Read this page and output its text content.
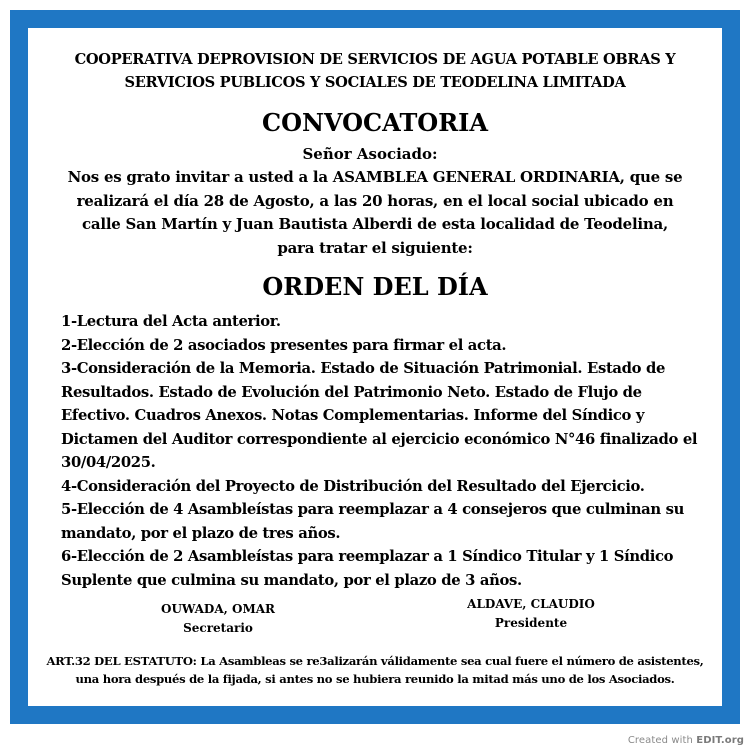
COOPERATIVA DEPROVISION DE SERVICIOS DE AGUA POTABLE OBRAS Y
SERVICIOS PUBLICOS Y SOCIALES DE TEODELINA LIMITADA
CONVOCATORIA
Señor Asociado:
Nos es grato invitar a usted a la ASAMBLEA GENERAL ORDINARIA, que se
realizará el día 28 de Agosto, a las 20 horas, en el local social ubicado en
calle San Martín y Juan Bautista Alberdi de esta localidad de Teodelina,
para tratar el siguiente:
ORDEN DEL DÍA

1-Lectura del Acta anterior.

2-Elección de 2 asociados presentes para firmar el acta.

3-Consideración de la Memoria. Estado de Situación Patrimonial. Estado de Resultados. Estado de Evolución del Patrimonio Neto. Estado de Flujo de Efectivo. Cuadros Anexos. Notas Complementarias. Informe del Síndico y Dictamen del Auditor correspondiente al ejercicio económico N°46 finalizado el 30/04/2025.

4-Consideración del Proyecto de Distribución del Resultado del Ejercicio.

5-Elección de 4 Asambleístas para reemplazar a 4 consejeros que culminan su mandato, por el plazo de tres años.

6-Elección de 2 Asambleístas para reemplazar a 1 Síndico Titular y 1 Síndico Suplente que culmina su mandato, por el plazo de 3 años.

OUWADA, OMAR
Secretario
ALDAVE, CLAUDIO
Presidente
ART.32 DEL ESTATUTO: La Asambleas se re3alizarán válidamente sea cual fuere el número de asistentes,
una hora después de la fijada, si antes no se hubiera reunido la mitad más uno de los Asociados.
Created with EDIT.org
